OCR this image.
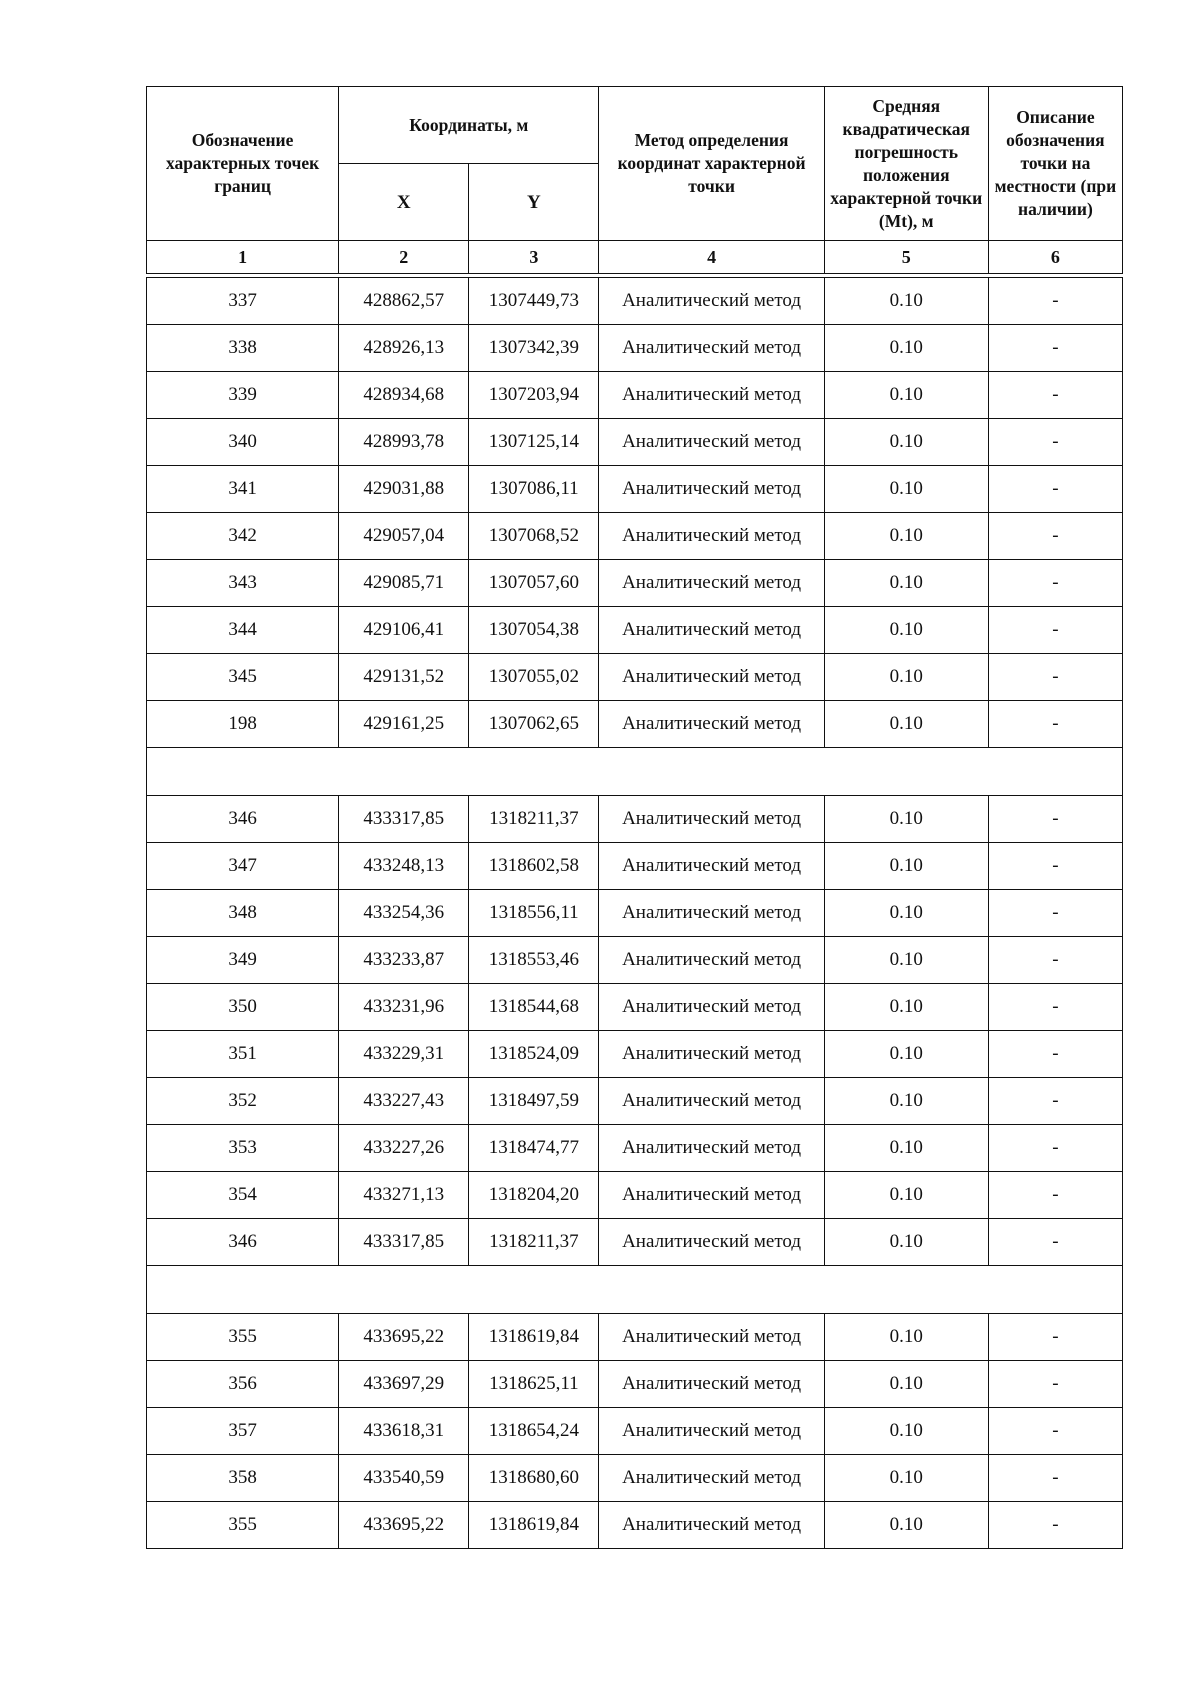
Обозначение характерных точек границ	Координаты, м		Метод определения координат характерной точки	Средняя квадратическая погрешность положения характерной точки (Mt), м	Описание обозначения точки на местности (при наличии)
	X	Y			
1	2	3	4	5	6

337	428862,57	1307449,73	Аналитический метод	0.10	-
338	428926,13	1307342,39	Аналитический метод	0.10	-
339	428934,68	1307203,94	Аналитический метод	0.10	-
340	428993,78	1307125,14	Аналитический метод	0.10	-
341	429031,88	1307086,11	Аналитический метод	0.10	-
342	429057,04	1307068,52	Аналитический метод	0.10	-
343	429085,71	1307057,60	Аналитический метод	0.10	-
344	429106,41	1307054,38	Аналитический метод	0.10	-
345	429131,52	1307055,02	Аналитический метод	0.10	-
198	429161,25	1307062,65	Аналитический метод	0.10	-

346	433317,85	1318211,37	Аналитический метод	0.10	-
347	433248,13	1318602,58	Аналитический метод	0.10	-
348	433254,36	1318556,11	Аналитический метод	0.10	-
349	433233,87	1318553,46	Аналитический метод	0.10	-
350	433231,96	1318544,68	Аналитический метод	0.10	-
351	433229,31	1318524,09	Аналитический метод	0.10	-
352	433227,43	1318497,59	Аналитический метод	0.10	-
353	433227,26	1318474,77	Аналитический метод	0.10	-
354	433271,13	1318204,20	Аналитический метод	0.10	-
346	433317,85	1318211,37	Аналитический метод	0.10	-

355	433695,22	1318619,84	Аналитический метод	0.10	-
356	433697,29	1318625,11	Аналитический метод	0.10	-
357	433618,31	1318654,24	Аналитический метод	0.10	-
358	433540,59	1318680,60	Аналитический метод	0.10	-
355	433695,22	1318619,84	Аналитический метод	0.10	-
